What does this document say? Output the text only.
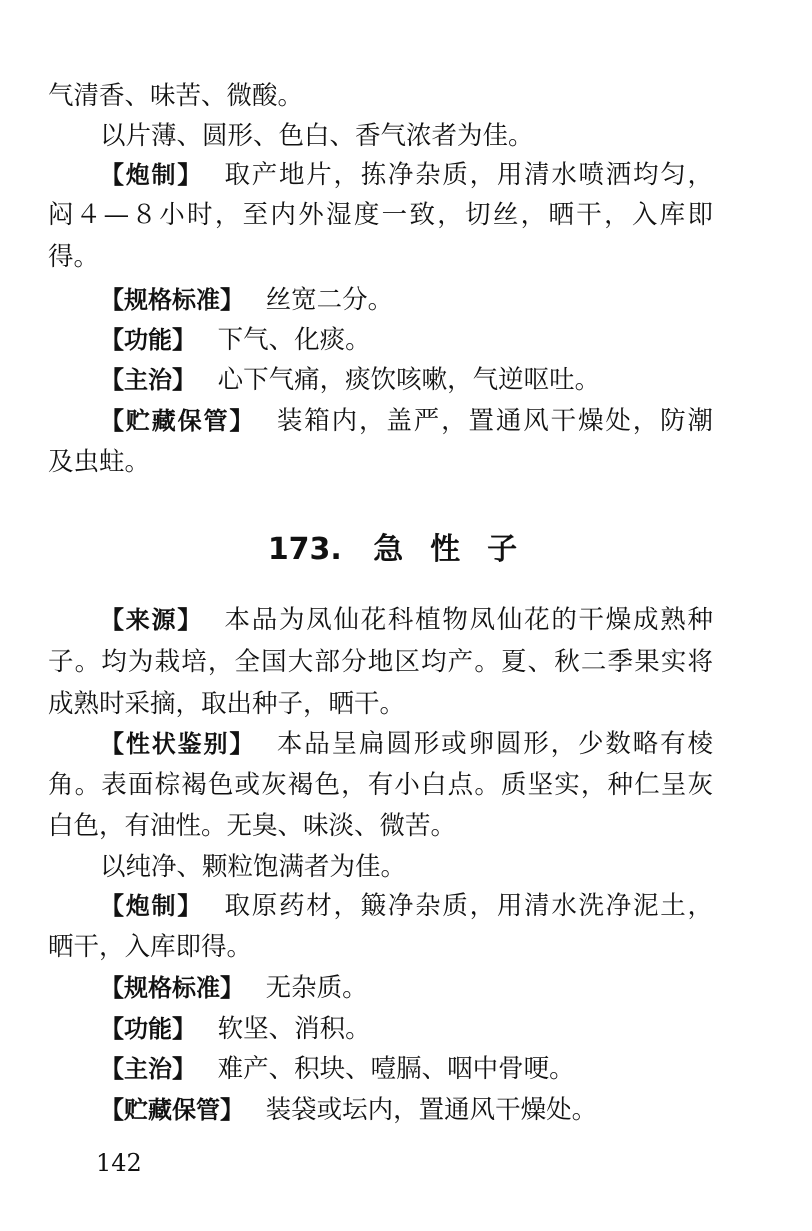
气清香、味苦、微酸。
以片薄、圆形、色白、香气浓者为佳。
【炮制】 取产地片，拣净杂质，用清水喷洒均匀，
闷４—８小时，至内外湿度一致，切丝，晒干，入库即
得。
【规格标准】 丝宽二分。
【功能】 下气、化痰。
【主治】 心下气痛，痰饮咳嗽，气逆呕吐。
【贮藏保管】 装箱内，盖严，置通风干燥处，防潮
及虫蛀。
173. 急性子
【来源】 本品为凤仙花科植物凤仙花的干燥成熟种
子。均为栽培，全国大部分地区均产。夏、秋二季果实将
成熟时采摘，取出种子，晒干。
【性状鉴别】 本品呈扁圆形或卵圆形，少数略有棱
角。表面棕褐色或灰褐色，有小白点。质坚实，种仁呈灰
白色，有油性。无臭、味淡、微苦。
以纯净、颗粒饱满者为佳。
【炮制】 取原药材，簸净杂质，用清水洗净泥土，
晒干，入库即得。
【规格标准】 无杂质。
【功能】 软坚、消积。
【主治】 难产、积块、噎膈、咽中骨哽。
【贮藏保管】 装袋或坛内，置通风干燥处。
142
